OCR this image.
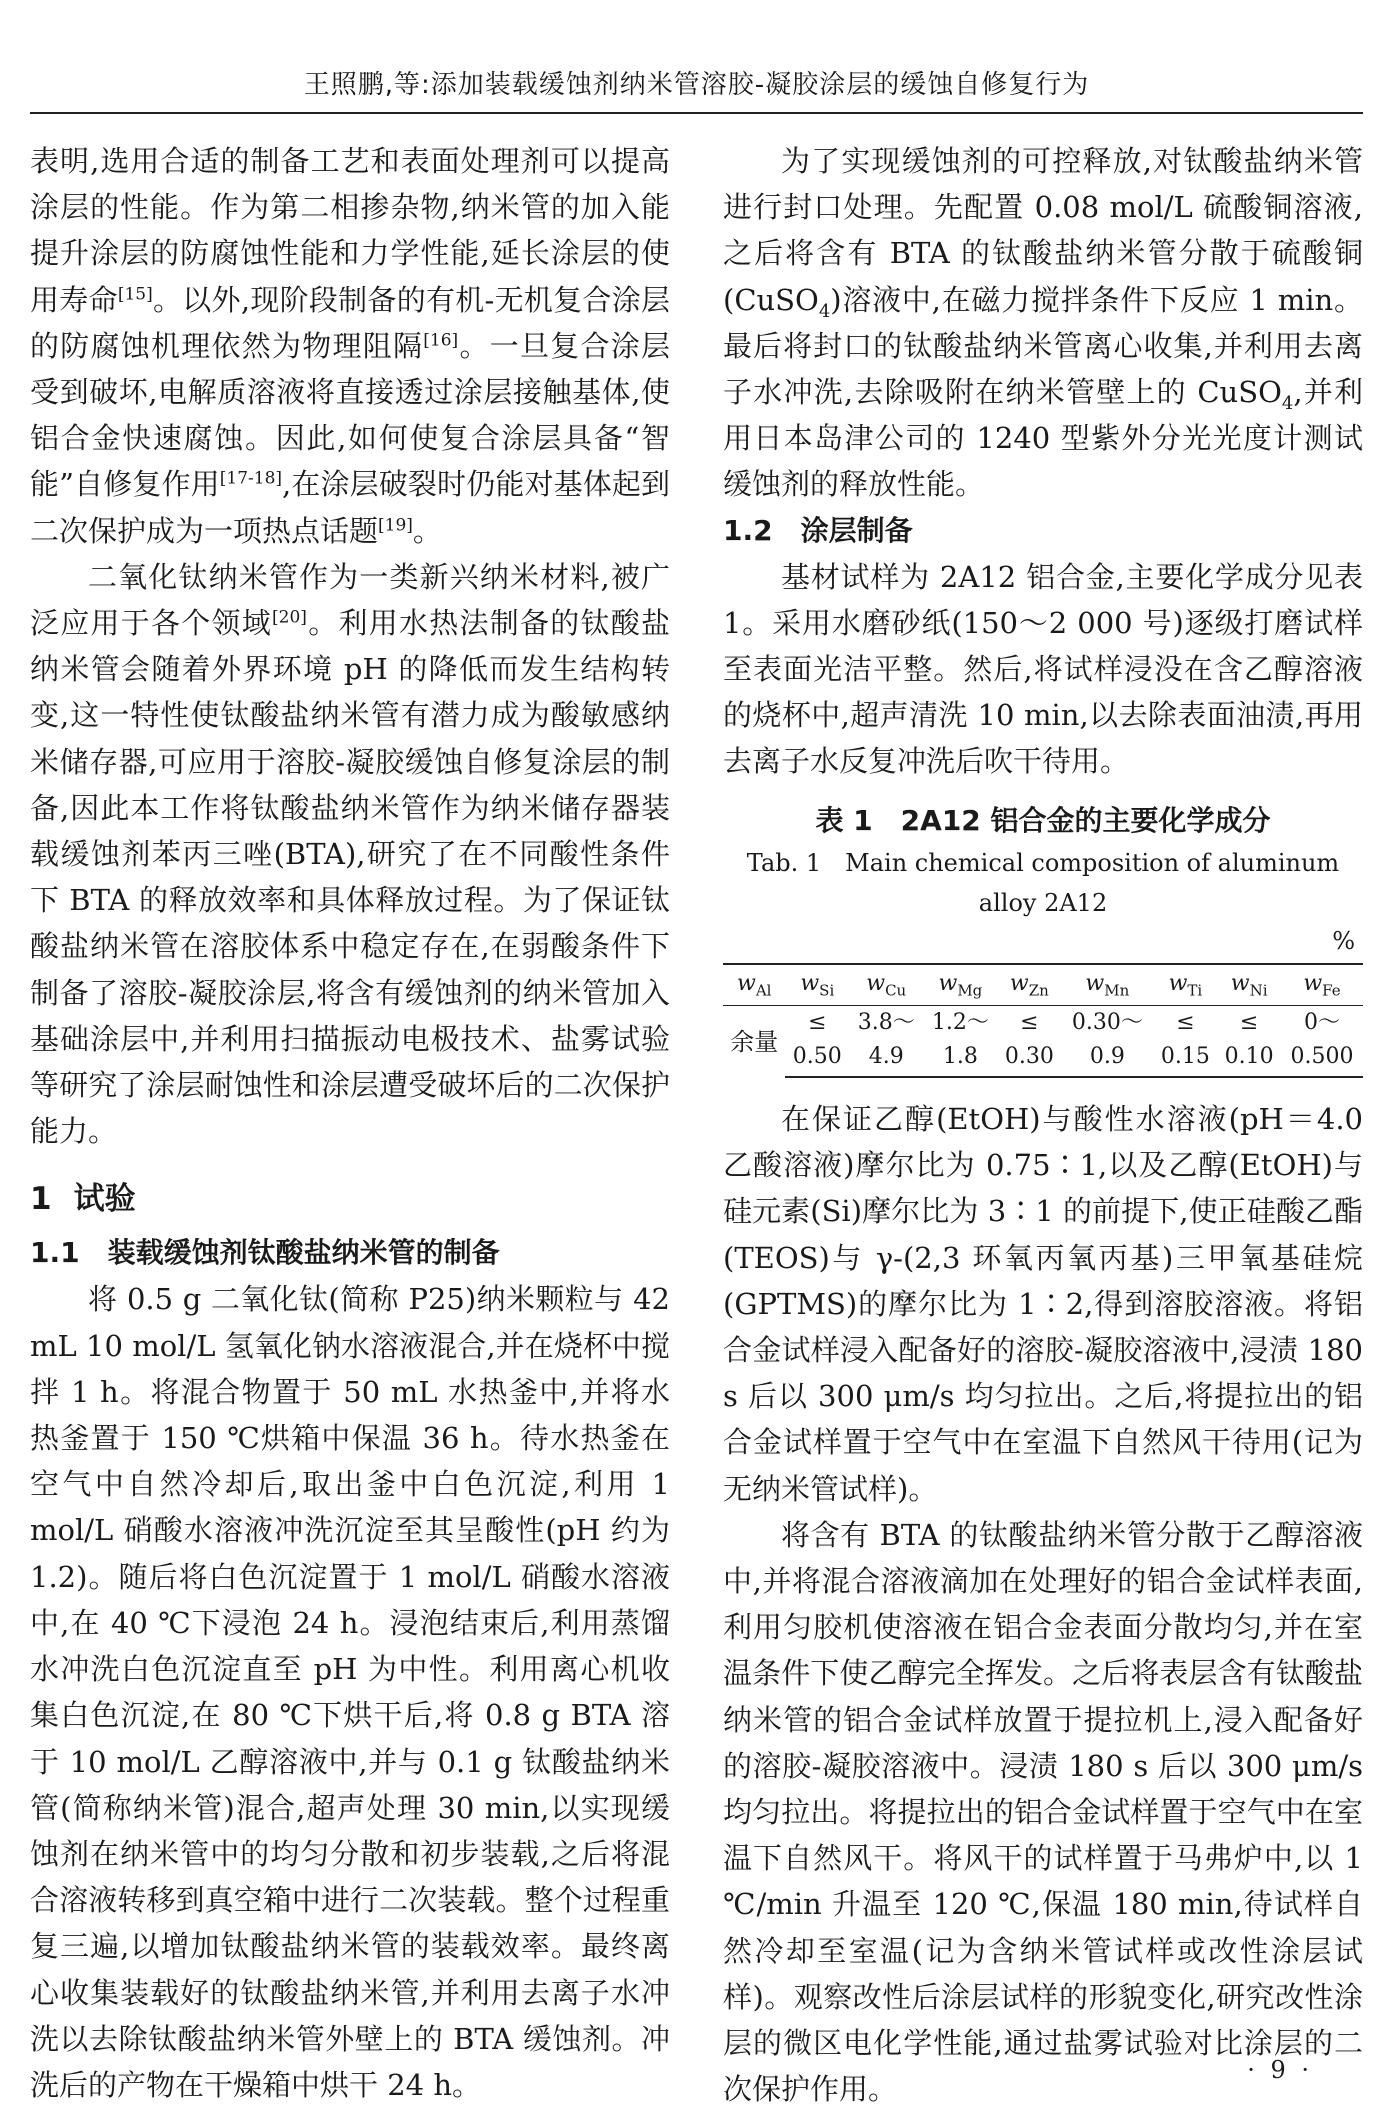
王照鹏,等:添加装载缓蚀剂纳米管溶胶-凝胶涂层的缓蚀自修复行为

表明,选用合适的制备工艺和表面处理剂可以提高涂层的性能。作为第二相掺杂物,纳米管的加入能提升涂层的防腐蚀性能和力学性能,延长涂层的使用寿命[15]。以外,现阶段制备的有机-无机复合涂层的防腐蚀机理依然为物理阻隔[16]。一旦复合涂层受到破坏,电解质溶液将直接透过涂层接触基体,使铝合金快速腐蚀。因此,如何使复合涂层具备“智能”自修复作用[17-18],在涂层破裂时仍能对基体起到二次保护成为一项热点话题[19]。

二氧化钛纳米管作为一类新兴纳米材料,被广泛应用于各个领域[20]。利用水热法制备的钛酸盐纳米管会随着外界环境 pH 的降低而发生结构转变,这一特性使钛酸盐纳米管有潜力成为酸敏感纳米储存器,可应用于溶胶-凝胶缓蚀自修复涂层的制备,因此本工作将钛酸盐纳米管作为纳米储存器装载缓蚀剂苯丙三唑(BTA),研究了在不同酸性条件下 BTA 的释放效率和具体释放过程。为了保证钛酸盐纳米管在溶胶体系中稳定存在,在弱酸条件下制备了溶胶-凝胶涂层,将含有缓蚀剂的纳米管加入基础涂层中,并利用扫描振动电极技术、盐雾试验等研究了涂层耐蚀性和涂层遭受破坏后的二次保护能力。

1 试验
1.1　装载缓蚀剂钛酸盐纳米管的制备

将 0.5 g 二氧化钛(简称 P25)纳米颗粒与 42 mL 10 mol/L 氢氧化钠水溶液混合,并在烧杯中搅拌 1 h。将混合物置于 50 mL 水热釜中,并将水热釜置于 150 ℃烘箱中保温 36 h。待水热釜在空气中自然冷却后,取出釜中白色沉淀,利用 1 mol/L 硝酸水溶液冲洗沉淀至其呈酸性(pH 约为 1.2)。随后将白色沉淀置于 1 mol/L 硝酸水溶液中,在 40 ℃下浸泡 24 h。浸泡结束后,利用蒸馏水冲洗白色沉淀直至 pH 为中性。利用离心机收集白色沉淀,在 80 ℃下烘干后,将 0.8 g BTA 溶于 10 mol/L 乙醇溶液中,并与 0.1 g 钛酸盐纳米管(简称纳米管)混合,超声处理 30 min,以实现缓蚀剂在纳米管中的均匀分散和初步装载,之后将混合溶液转移到真空箱中进行二次装载。整个过程重复三遍,以增加钛酸盐纳米管的装载效率。最终离心收集装载好的钛酸盐纳米管,并利用去离子水冲洗以去除钛酸盐纳米管外壁上的 BTA 缓蚀剂。冲洗后的产物在干燥箱中烘干 24 h。

为了实现缓蚀剂的可控释放,对钛酸盐纳米管进行封口处理。先配置 0.08 mol/L 硫酸铜溶液,之后将含有 BTA 的钛酸盐纳米管分散于硫酸铜(CuSO$_4$)溶液中,在磁力搅拌条件下反应 1 min。最后将封口的钛酸盐纳米管离心收集,并利用去离子水冲洗,去除吸附在纳米管壁上的 CuSO$_4$,并利用日本岛津公司的 1240 型紫外分光光度计测试缓蚀剂的释放性能。

1.2　涂层制备

基材试样为 2A12 铝合金,主要化学成分见表 1。采用水磨砂纸(150～2 000 号)逐级打磨试样至表面光洁平整。然后,将试样浸没在含乙醇溶液的烧杯中,超声清洗 10 min,以去除表面油渍,再用去离子水反复冲洗后吹干待用。

表 1　2A12 铝合金的主要化学成分
Tab. 1　Main chemical composition of aluminum alloy 2A12
%
$w_{Al}$	$w_{Si}$	$w_{Cu}$	$w_{Mg}$	$w_{Zn}$	$w_{Mn}$	$w_{Ti}$	$w_{Ni}$	$w_{Fe}$
余量	≤	3.8～	1.2～	≤	0.30～	≤	≤	0～
	0.50	4.9	1.8	0.30	0.9	0.15	0.10	0.500

在保证乙醇(EtOH)与酸性水溶液(pH＝4.0 乙酸溶液)摩尔比为 0.75∶1,以及乙醇(EtOH)与硅元素(Si)摩尔比为 3∶1 的前提下,使正硅酸乙酯(TEOS)与 γ-(2,3 环氧丙氧丙基)三甲氧基硅烷(GPTMS)的摩尔比为 1∶2,得到溶胶溶液。将铝合金试样浸入配备好的溶胶-凝胶溶液中,浸渍 180 s 后以 300 μm/s 均匀拉出。之后,将提拉出的铝合金试样置于空气中在室温下自然风干待用(记为无纳米管试样)。

将含有 BTA 的钛酸盐纳米管分散于乙醇溶液中,并将混合溶液滴加在处理好的铝合金试样表面,利用匀胶机使溶液在铝合金表面分散均匀,并在室温条件下使乙醇完全挥发。之后将表层含有钛酸盐纳米管的铝合金试样放置于提拉机上,浸入配备好的溶胶-凝胶溶液中。浸渍 180 s 后以 300 μm/s 均匀拉出。将提拉出的铝合金试样置于空气中在室温下自然风干。将风干的试样置于马弗炉中,以 1 ℃/min 升温至 120 ℃,保温 180 min,待试样自然冷却至室温(记为含纳米管试样或改性涂层试样)。观察改性后涂层试样的形貌变化,研究改性涂层的微区电化学性能,通过盐雾试验对比涂层的二次保护作用。

· 9 ·
